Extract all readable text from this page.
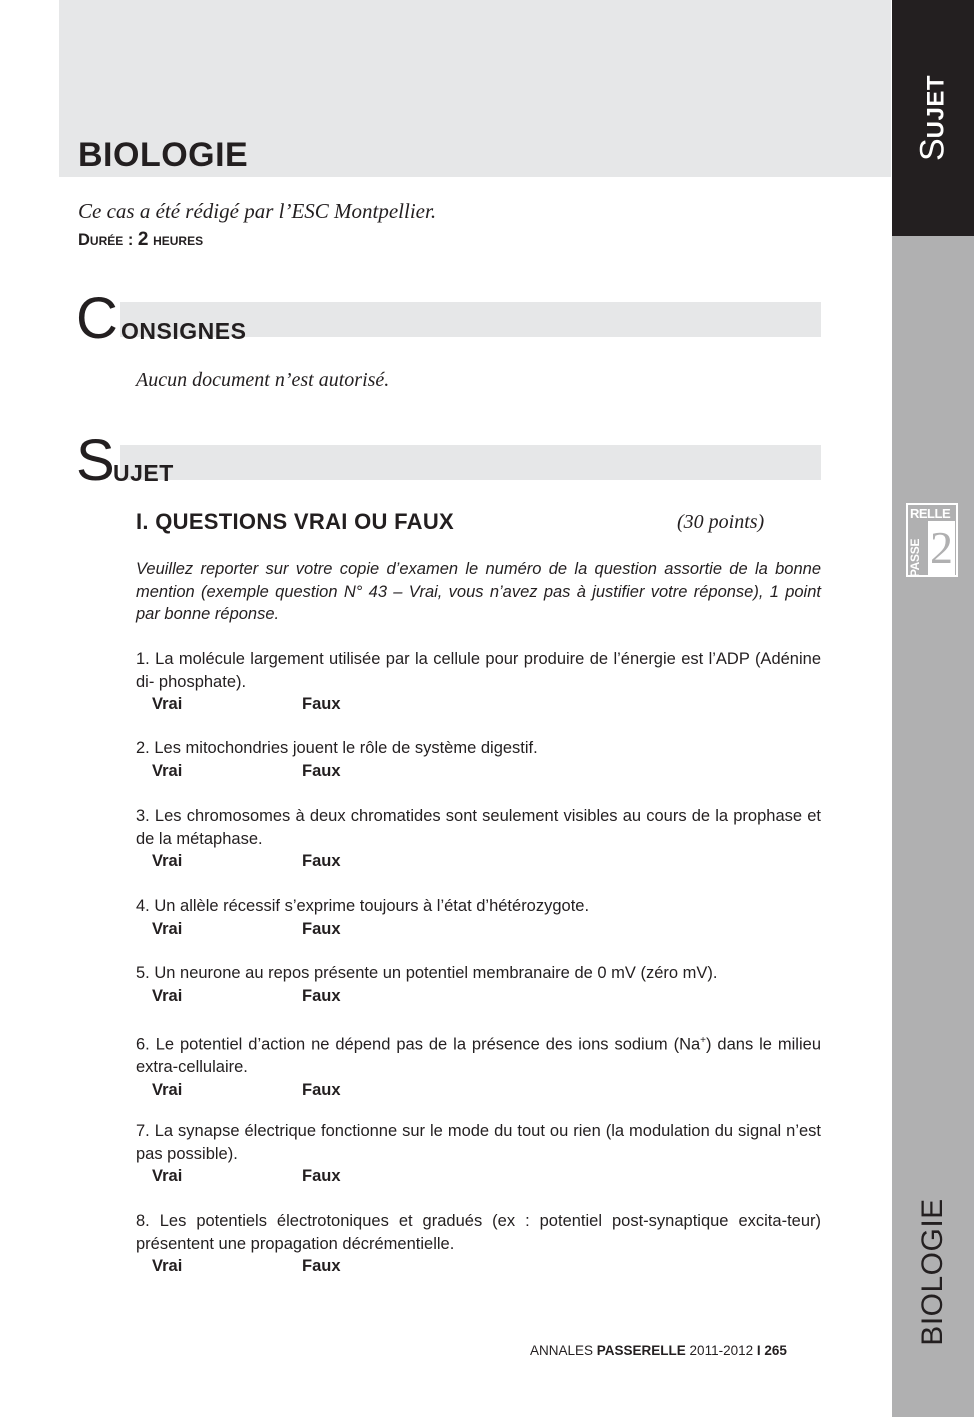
BIOLOGIE
Ce cas a été rédigé par l’ESC Montpellier.
Durée : 2 heures
C ONSIGNES
Aucun document n’est autorisé.
S UJET
I. QUESTIONS VRAI OU FAUX	(30 points)
Veuillez reporter sur votre copie d’examen le numéro de la question assortie de la bonne mention (exemple question N° 43 – Vrai, vous n’avez pas à justifier votre réponse), 1 point par bonne réponse.
1. La molécule largement utilisée par la cellule pour produire de l’énergie est l’ADP (Adénine di- phosphate).
Vrai	Faux
2. Les mitochondries jouent le rôle de système digestif.
Vrai	Faux
3. Les chromosomes à deux chromatides sont seulement visibles au cours de la prophase et de la métaphase.
Vrai	Faux
4. Un allèle récessif s’exprime toujours à l’état d’hétérozygote.
Vrai	Faux
5. Un neurone au repos présente un potentiel membranaire de 0 mV (zéro mV).
Vrai	Faux
6. Le potentiel d’action ne dépend pas de la présence des ions sodium (Na+) dans le milieu extra-cellulaire.
Vrai	Faux
7. La synapse électrique fonctionne sur le mode du tout ou rien (la modulation du signal n’est pas possible).
Vrai	Faux
8. Les potentiels électrotoniques et gradués (ex : potentiel post-synaptique excita-teur) présentent une propagation décrémentielle.
Vrai	Faux
ANNALES PASSERELLE 2011-2012 I 265
SUJET
RELLE
PASSE 2
BIOLOGIE
